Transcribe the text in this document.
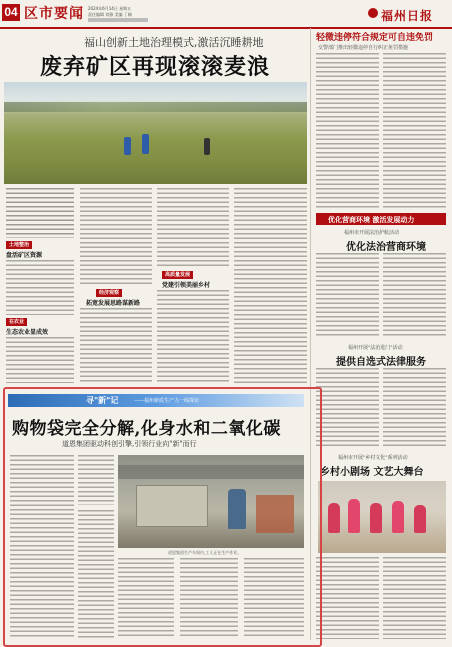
04 区市要闻 2024年6月14日 星期五
责任编辑 刘雅 美编 丁桐	福州日报
福山创新土地治理模式,激活沉睡耕地
废弃矿区再现滚滚麦浪
土地整治
盘活矿区资源
在农业
生态农业显成效
经济观察
拓宽发展思路谋新路
高质量发展
党建引领美丽乡村
轻微违停符合规定可自违免罚
交警部门推出轻微违停自行纠正免罚措施
优化营商环境 激活发展动力
福州市开展法治护航活动
优化法治营商环境
福州开展"法治进门"活动
提供自选式法律服务
福州市开展"乡村文化"系列活动
乡村小剧场 文艺大舞台
寻"新"记	——福州新质生产力一线探访
购物袋完全分解,化身水和二氧化碳
道恩集团驱动科创引擎,引领行业向"新"而行
道恩集团生产车间内,工人正在生产作业。
